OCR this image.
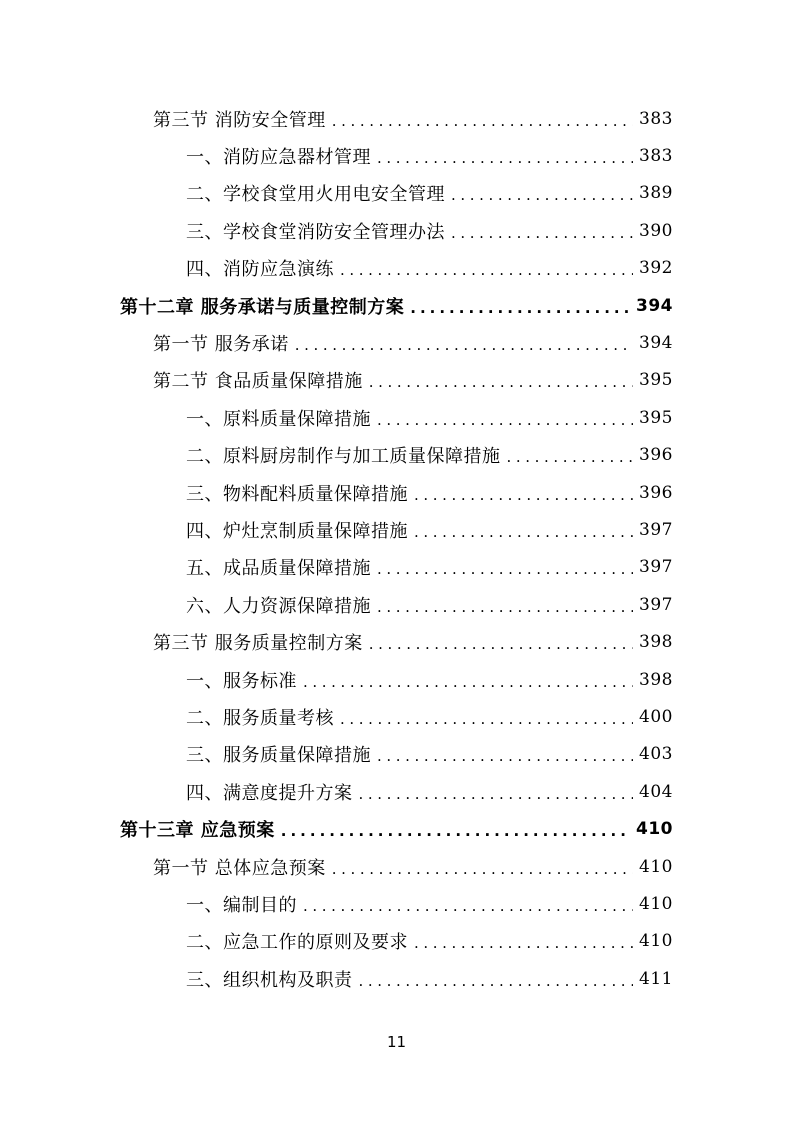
第三节 消防安全管理 .....	383
一、消防应急器材管理 .....	383
二、学校食堂用火用电安全管理 .....	389
三、学校食堂消防安全管理办法 .....	390
四、消防应急演练 .....	392
第十二章 服务承诺与质量控制方案 .....	394
第一节 服务承诺 .....	394
第二节 食品质量保障措施 .....	395
一、原料质量保障措施 .....	395
二、原料厨房制作与加工质量保障措施 .....	396
三、物料配料质量保障措施 .....	396
四、炉灶烹制质量保障措施 .....	397
五、成品质量保障措施 .....	397
六、人力资源保障措施 .....	397
第三节 服务质量控制方案 .....	398
一、服务标准 .....	398
二、服务质量考核 .....	400
三、服务质量保障措施 .....	403
四、满意度提升方案 .....	404
第十三章 应急预案 .....	410
第一节 总体应急预案 .....	410
一、编制目的 .....	410
二、应急工作的原则及要求 .....	410
三、组织机构及职责 .....	411
11
